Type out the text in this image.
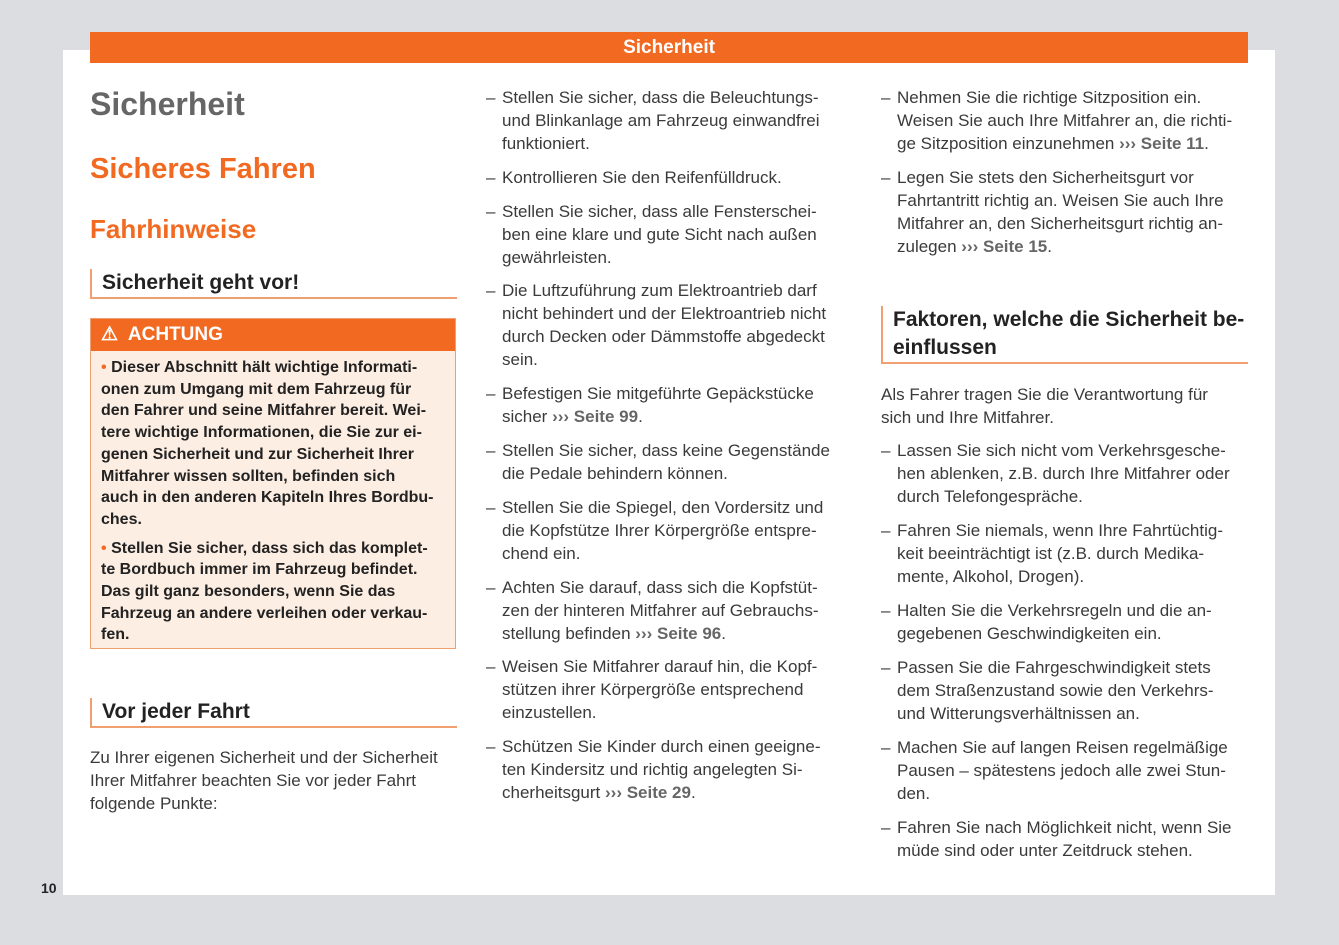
Sicherheit
10
Sicherheit
Sicheres Fahren
Fahrhinweise
Sicherheit geht vor!
⚠ ACHTUNG
• Dieser Abschnitt hält wichtige Informati-
onen zum Umgang mit dem Fahrzeug für
den Fahrer und seine Mitfahrer bereit. Wei-
tere wichtige Informationen, die Sie zur ei-
genen Sicherheit und zur Sicherheit Ihrer
Mitfahrer wissen sollten, befinden sich
auch in den anderen Kapiteln Ihres Bordbu-
ches.
• Stellen Sie sicher, dass sich das komplet-
te Bordbuch immer im Fahrzeug befindet.
Das gilt ganz besonders, wenn Sie das
Fahrzeug an andere verleihen oder verkau-
fen.
Vor jeder Fahrt
Zu Ihrer eigenen Sicherheit und der Sicherheit
Ihrer Mitfahrer beachten Sie vor jeder Fahrt
folgende Punkte:
– Stellen Sie sicher, dass die Beleuchtungs-
und Blinkanlage am Fahrzeug einwandfrei
funktioniert.
– Kontrollieren Sie den Reifenfülldruck.
– Stellen Sie sicher, dass alle Fensterschei-
ben eine klare und gute Sicht nach außen
gewährleisten.
– Die Luftzuführung zum Elektroantrieb darf
nicht behindert und der Elektroantrieb nicht
durch Decken oder Dämmstoffe abgedeckt
sein.
– Befestigen Sie mitgeführte Gepäckstücke
sicher ››› Seite 99.
– Stellen Sie sicher, dass keine Gegenstände
die Pedale behindern können.
– Stellen Sie die Spiegel, den Vordersitz und
die Kopfstütze Ihrer Körpergröße entspre-
chend ein.
– Achten Sie darauf, dass sich die Kopfstüt-
zen der hinteren Mitfahrer auf Gebrauchs-
stellung befinden ››› Seite 96.
– Weisen Sie Mitfahrer darauf hin, die Kopf-
stützen ihrer Körpergröße entsprechend
einzustellen.
– Schützen Sie Kinder durch einen geeigne-
ten Kindersitz und richtig angelegten Si-
cherheitsgurt ››› Seite 29.
– Nehmen Sie die richtige Sitzposition ein.
Weisen Sie auch Ihre Mitfahrer an, die richti-
ge Sitzposition einzunehmen ››› Seite 11.
– Legen Sie stets den Sicherheitsgurt vor
Fahrtantritt richtig an. Weisen Sie auch Ihre
Mitfahrer an, den Sicherheitsgurt richtig an-
zulegen ››› Seite 15.
Faktoren, welche die Sicherheit be-
einflussen
Als Fahrer tragen Sie die Verantwortung für
sich und Ihre Mitfahrer.
– Lassen Sie sich nicht vom Verkehrsgesche-
hen ablenken, z.B. durch Ihre Mitfahrer oder
durch Telefongespräche.
– Fahren Sie niemals, wenn Ihre Fahrtüchtig-
keit beeinträchtigt ist (z.B. durch Medika-
mente, Alkohol, Drogen).
– Halten Sie die Verkehrsregeln und die an-
gegebenen Geschwindigkeiten ein.
– Passen Sie die Fahrgeschwindigkeit stets
dem Straßenzustand sowie den Verkehrs-
und Witterungsverhältnissen an.
– Machen Sie auf langen Reisen regelmäßige
Pausen – spätestens jedoch alle zwei Stun-
den.
– Fahren Sie nach Möglichkeit nicht, wenn Sie
müde sind oder unter Zeitdruck stehen.
